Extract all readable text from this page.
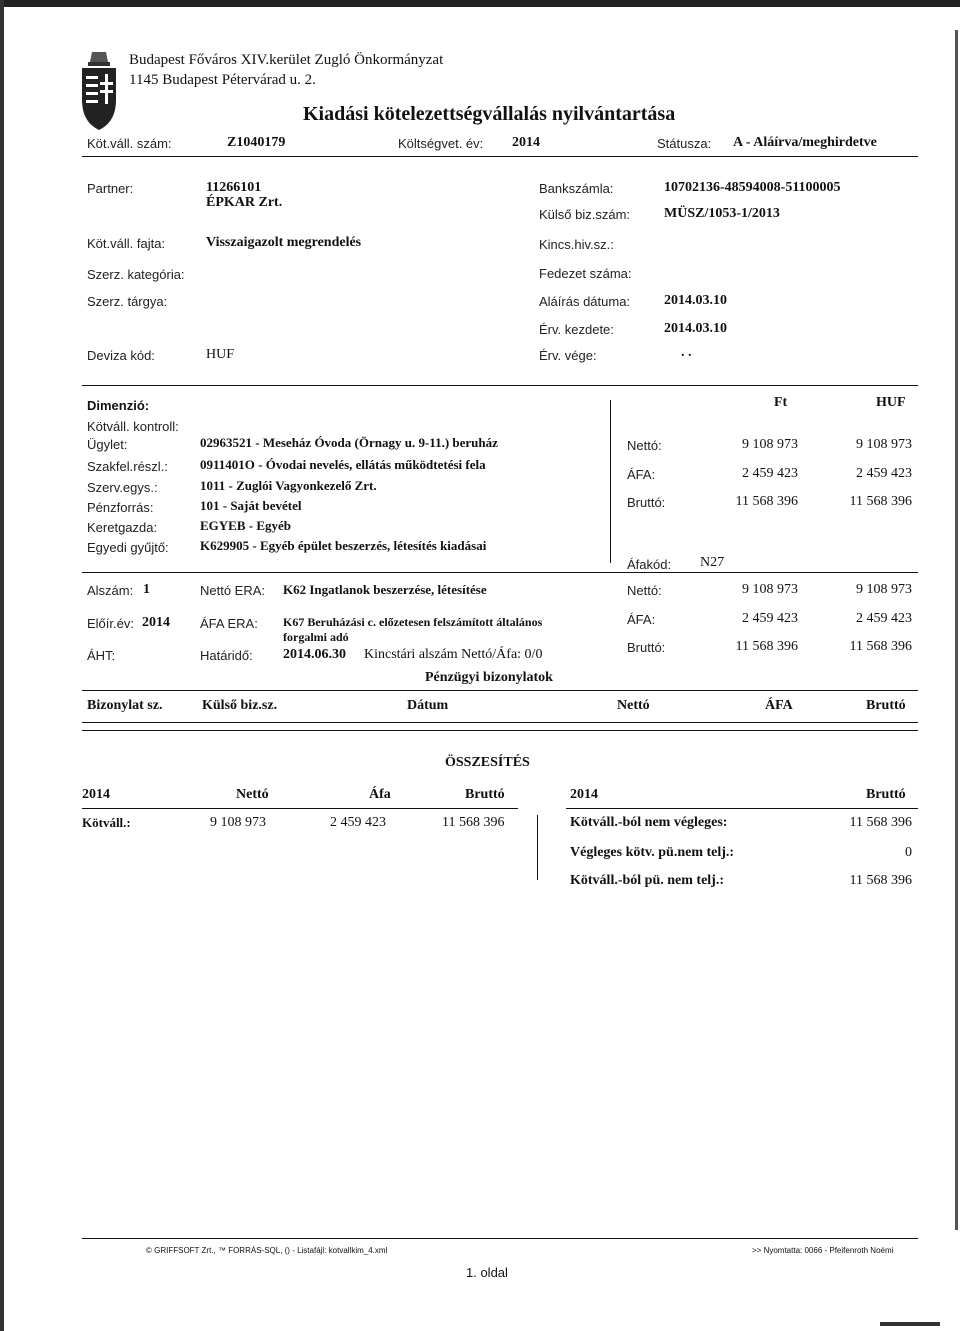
Budapest Főváros XIV.kerület Zugló Önkormányzat
1145 Budapest Pétervárad u. 2.
Kiadási kötelezettségvállalás nyilvántartása
Köt.váll. szám:	Z1040179	Költségvet. év: 2014	Státusza: A - Aláírva/meghirdetve
Partner:	11266101
ÉPKAR Zrt.
Bankszámla:	10702136-48594008-51100005
Külső biz.szám: MÜSZ/1053-1/2013
Köt.váll. fajta:	Visszaigazolt megrendelés	Kincs.hiv.sz.:
Szerz. kategória:	Fedezet száma:
Szerz. tárgya:	Aláírás dátuma: 2014.03.10
Érv. kezdete:	2014.03.10
Deviza kód:	HUF	Érv. vége:	. .
Dimenzió:	Ft	HUF
Kötváll. kontroll:
Ügylet:	02963521 - Meseház Óvoda (Örnagy u. 9-11.) beruház
Szakfel.részl.: 0911401O - Óvodai nevelés, ellátás működtetési fela
Szerv.egys.:	1011 - Zuglói Vagyonkezelő Zrt.
Pénzforrás:	101 - Saját bevétel
Keretgazda:	EGYEB - Egyéb
Egyedi gyűjtő: K629905 - Egyéb épület beszerzés, létesítés kiadásai
Nettó:	9 108 973	9 108 973
ÁFA:	2 459 423	2 459 423
Bruttó:	11 568 396	11 568 396
Áfakód: N27
Alszám: 1	Nettó ERA: K62 Ingatlanok beszerzése, létesítése
Előír.év: 2014 ÁFA ERA: K67 Beruházási c. előzetesen felszámított általános
forgalmi adó
ÁHT:	Határidő: 2014.06.30 Kincstári alszám Nettó/Áfa: 0/0
Nettó:	9 108 973	9 108 973
ÁFA:	2 459 423	2 459 423
Bruttó:	11 568 396	11 568 396
Pénzügyi bizonylatok
Bizonylat sz.	Külső biz.sz.	Dátum	Nettó	ÁFA	Bruttó
ÖSSZESÍTÉS
2014	Nettó	Áfa	Bruttó
Kötváll.:	9 108 973	2 459 423	11 568 396
2014	Bruttó
Kötváll.-ból nem végleges:	11 568 396
Végleges kötv. pü.nem telj.:	0
Kötváll.-ból pü. nem telj.:	11 568 396
© GRIFFSOFT Zrt., ™ FORRÁS-SQL, () - Listafájl: kotvallkim_4.xml	>> Nyomtatta: 0066 - Pfeifenroth Noémi
1. oldal
